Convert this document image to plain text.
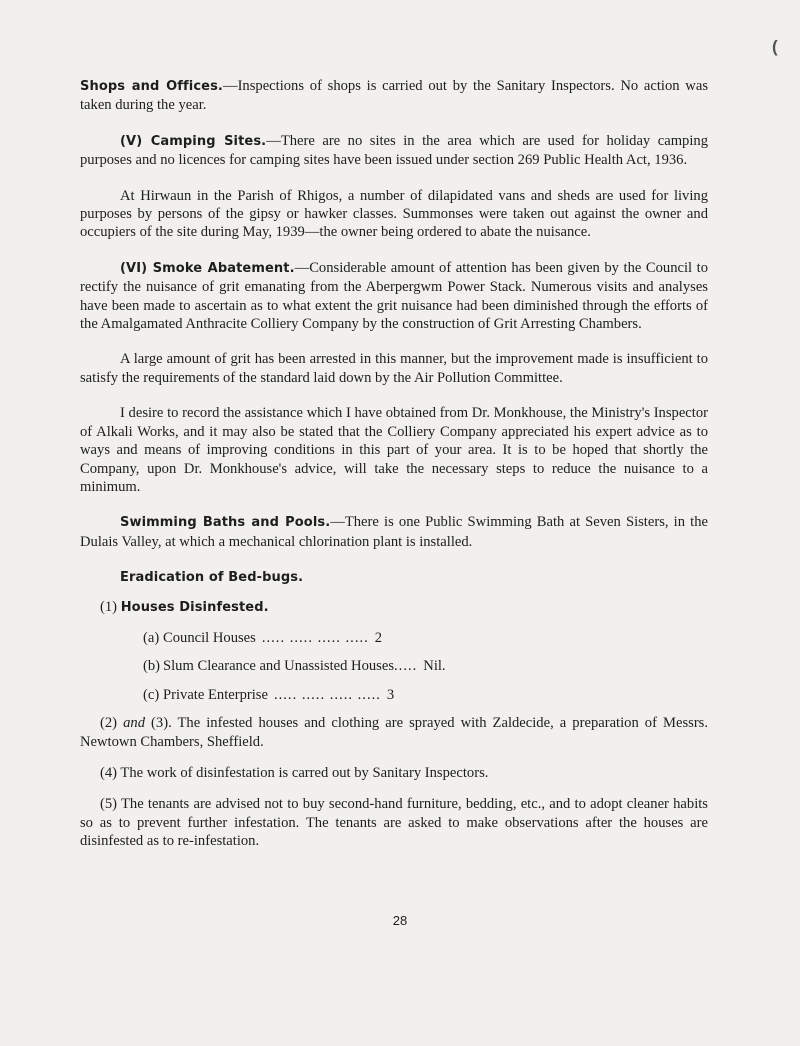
(

Shops and Offices.—Inspections of shops is carried out by the Sanitary Inspectors. No action was taken during the year.

(V) Camping Sites.—There are no sites in the area which are used for holiday camping purposes and no licences for camping sites have been issued under section 269 Public Health Act, 1936.

At Hirwaun in the Parish of Rhigos, a number of dilapidated vans and sheds are used for living purposes by persons of the gipsy or hawker classes. Summonses were taken out against the owner and occupiers of the site during May, 1939—the owner being ordered to abate the nuisance.

(VI) Smoke Abatement.—Considerable amount of attention has been given by the Council to rectify the nuisance of grit emanating from the Aberpergwm Power Stack. Numerous visits and analyses have been made to ascertain as to what extent the grit nuisance had been diminished through the efforts of the Amalgamated Anthracite Colliery Company by the construction of Grit Arresting Chambers.

A large amount of grit has been arrested in this manner, but the improvement made is insufficient to satisfy the requirements of the standard laid down by the Air Pollution Committee.

I desire to record the assistance which I have obtained from Dr. Monkhouse, the Ministry's Inspector of Alkali Works, and it may also be stated that the Colliery Company appreciated his expert advice as to ways and means of improving conditions in this part of your area. It is to be hoped that shortly the Company, upon Dr. Monkhouse's advice, will take the necessary steps to reduce the nuisance to a minimum.

Swimming Baths and Pools.—There is one Public Swimming Bath at Seven Sisters, in the Dulais Valley, at which a mechanical chlorination plant is installed.

Eradication of Bed-bugs.

(1) Houses Disinfested.

(a) Council Houses ..... ..... ..... ..... 2
(b) Slum Clearance and Unassisted Houses ..... Nil.
(c) Private Enterprise ..... ..... ..... ..... 3

(2) and (3). The infested houses and clothing are sprayed with Zaldecide, a preparation of Messrs. Newtown Chambers, Sheffield.

(4) The work of disinfestation is carred out by Sanitary Inspectors.

(5) The tenants are advised not to buy second-hand furniture, bedding, etc., and to adopt cleaner habits so as to prevent further infestation. The tenants are asked to make observations after the houses are disinfested as to re-infestation.

28
